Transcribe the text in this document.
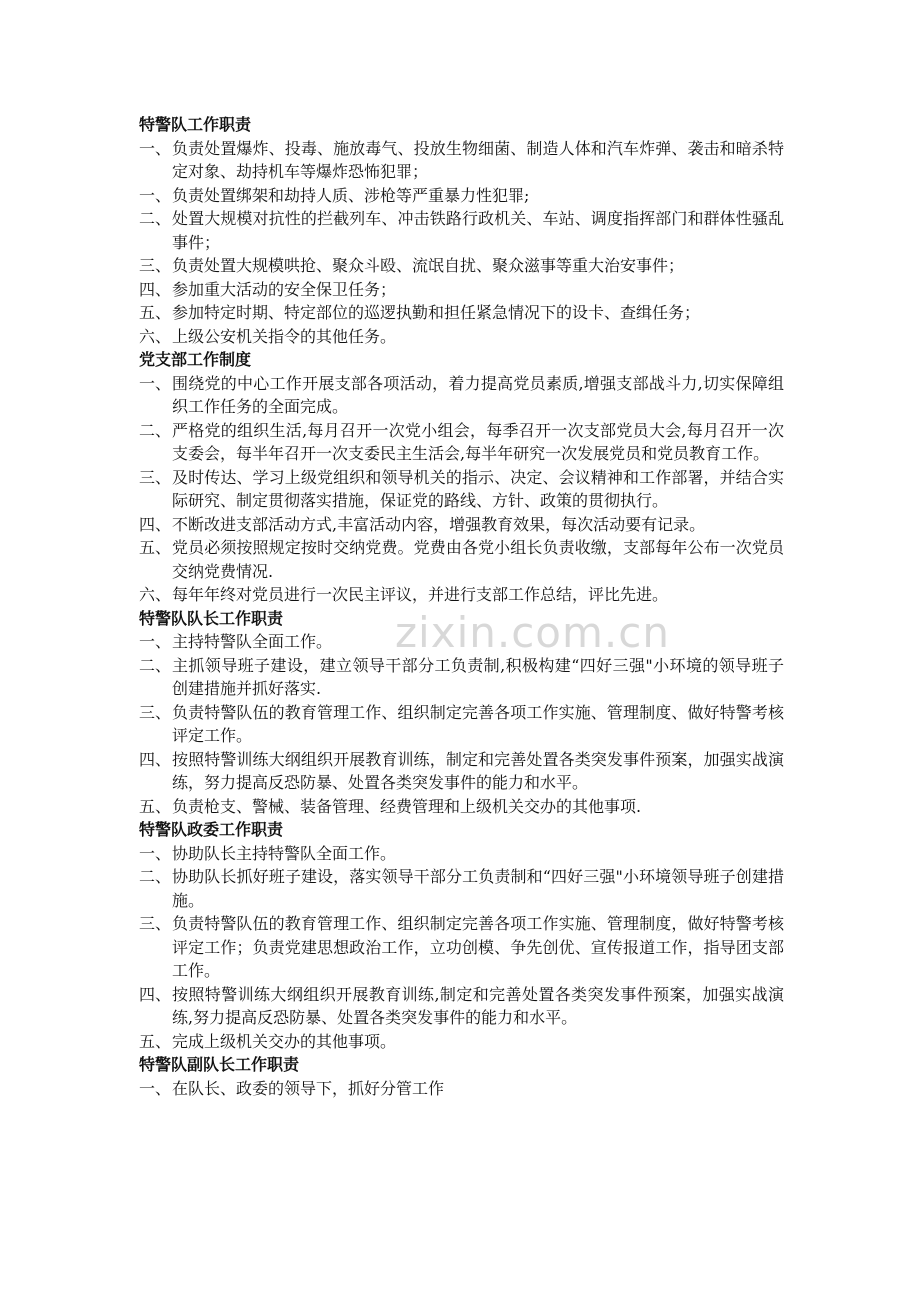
特警队工作职责

一、 负责处置爆炸、投毒、施放毒气、投放生物细菌、制造人体和汽车炸弹、袭击和暗杀特定对象、劫持机车等爆炸恐怖犯罪；
一、 负责处置绑架和劫持人质、涉枪等严重暴力性犯罪;
二、 处置大规模对抗性的拦截列车、冲击铁路行政机关、车站、调度指挥部门和群体性骚乱事件；
三、 负责处置大规模哄抢、聚众斗殴、流氓自扰、聚众滋事等重大治安事件；
四、 参加重大活动的安全保卫任务；
五、 参加特定时期、特定部位的巡逻执勤和担任紧急情况下的设卡、查缉任务；
六、 上级公安机关指令的其他任务。

党支部工作制度

一、 围绕党的中心工作开展支部各项活动，着力提高党员素质,增强支部战斗力,切实保障组织工作任务的全面完成。
二、 严格党的组织生活,每月召开一次党小组会，每季召开一次支部党员大会,每月召开一次支委会，每半年召开一次支委民主生活会,每半年研究一次发展党员和党员教育工作。
三、 及时传达、学习上级党组织和领导机关的指示、决定、会议精神和工作部署，并结合实际研究、制定贯彻落实措施，保证党的路线、方针、政策的贯彻执行。
四、 不断改进支部活动方式,丰富活动内容，增强教育效果，每次活动要有记录。
五、 党员必须按照规定按时交纳党费。党费由各党小组长负责收缴，支部每年公布一次党员交纳党费情况.
六、 每年年终对党员进行一次民主评议，并进行支部工作总结，评比先进。

特警队队长工作职责

一、 主持特警队全面工作。
二、 主抓领导班子建设，建立领导干部分工负责制,积极构建“四好三强"小环境的领导班子创建措施并抓好落实.
三、 负责特警队伍的教育管理工作、组织制定完善各项工作实施、管理制度、做好特警考核评定工作。
四、 按照特警训练大纲组织开展教育训练，制定和完善处置各类突发事件预案，加强实战演练，努力提高反恐防暴、处置各类突发事件的能力和水平。
五、 负责枪支、警械、装备管理、经费管理和上级机关交办的其他事项.

特警队政委工作职责

一、 协助队长主持特警队全面工作。
二、 协助队长抓好班子建设，落实领导干部分工负责制和“四好三强"小环境领导班子创建措施。
三、 负责特警队伍的教育管理工作、组织制定完善各项工作实施、管理制度，做好特警考核评定工作；负责党建思想政治工作，立功创模、争先创优、宣传报道工作，指导团支部工作。
四、 按照特警训练大纲组织开展教育训练,制定和完善处置各类突发事件预案，加强实战演练,努力提高反恐防暴、处置各类突发事件的能力和水平。
五、 完成上级机关交办的其他事项。

特警队副队长工作职责

一、 在队长、政委的领导下，抓好分管工作
zixin.com.cn
